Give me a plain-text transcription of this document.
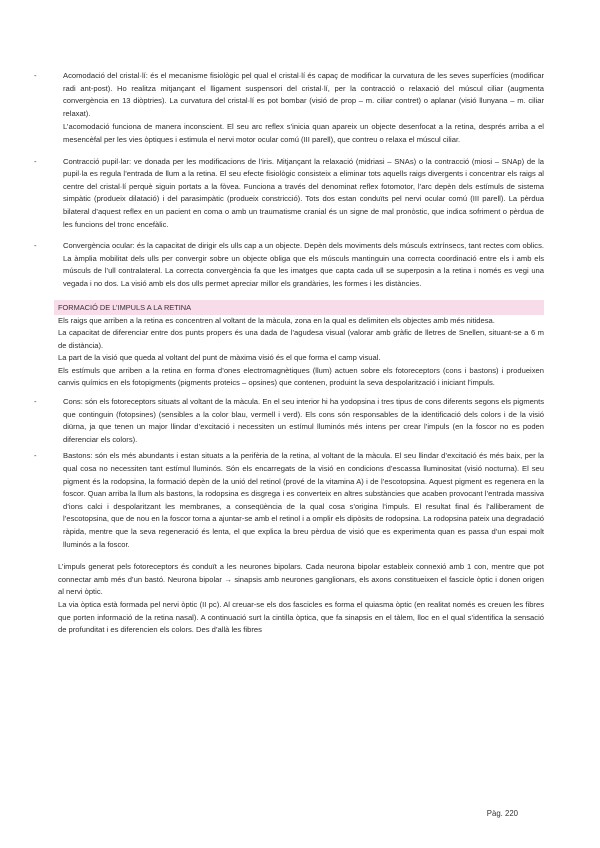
-	Acomodació del cristal·lí: és el mecanisme fisiològic pel qual el cristal·lí és capaç de modificar la curvatura de les seves superfícies (modificar radi ant-post). Ho realitza mitjançant el lligament suspensori del cristal·lí, per la contracció o relaxació del múscul ciliar (augmenta convergència en 13 diòptries). La curvatura del cristal·lí es pot bombar (visió de prop – m. ciliar contret) o aplanar (visió llunyana – m. ciliar relaxat).

L’acomodació funciona de manera inconscient. El seu arc reflex s’inicia quan apareix un objecte desenfocat a la retina, després arriba a el mesencèfal per les vies òptiques i estimula el nervi motor ocular comú (III parell), que contreu o relaxa el múscul ciliar.

-	Contracció pupil·lar: ve donada per les modificacions de l’iris. Mitjançant la relaxació (midriasi – SNAs) o la contracció (miosi – SNAp) de la pupil·la es regula l’entrada de llum a la retina. El seu efecte fisiològic consisteix a eliminar tots aquells raigs divergents i concentrar els raigs al centre del cristal·lí perquè siguin portats a la fòvea. Funciona a través del denominat reflex fotomotor, l’arc depèn dels estímuls de sistema simpàtic (produeix dilatació) i del parasimpàtic (produeix constricció). Tots dos estan conduïts pel nervi ocular comú (III parell). La pèrdua bilateral d’aquest reflex en un pacient en coma o amb un traumatisme cranial és un signe de mal pronòstic, que indica sofriment o pèrdua de les funcions del tronc encefàlic.

-	Convergència ocular: és la capacitat de dirigir els ulls cap a un objecte. Depèn dels moviments dels músculs extrínsecs, tant rectes com oblics. La àmplia mobilitat dels ulls per convergir sobre un objecte obliga que els músculs mantinguin una correcta coordinació entre els i amb els músculs de l’ull contralateral. La correcta convergència fa que les imatges que capta cada ull se superposin a la retina i només es vegi una vegada i no dos. La visió amb els dos ulls permet apreciar millor els grandàries, les formes i les distàncies.

FORMACIÓ DE L’IMPULS A LA RETINA

Els raigs que arriben a la retina es concentren al voltant de la màcula, zona en la qual es delimiten els objectes amb més nitidesa.

La capacitat de diferenciar entre dos punts propers és una dada de l’agudesa visual (valorar amb gràfic de lletres de Snellen, situant-se a 6 m de distància).

La part de la visió que queda al voltant del punt de màxima visió és el que forma el camp visual.

Els estímuls que arriben a la retina en forma d’ones electromagnètiques (llum) actuen sobre els fotoreceptors (cons i bastons) i produeixen canvis químics en els fotopigments (pigments proteics – opsines) que contenen, produint la seva despolarització i iniciant l’impuls.

-	Cons: són els fotoreceptors situats al voltant de la màcula. En el seu interior hi ha yodopsina i tres tipus de cons diferents segons els pigments que continguin (fotopsines) (sensibles a la color blau, vermell i verd). Els cons són responsables de la identificació dels colors i de la visió diürna, ja que tenen un major llindar d’excitació i necessiten un estímul lluminós més intens per crear l’impuls (en la foscor no es poden diferenciar els colors).

-	Bastons: són els més abundants i estan situats a la perifèria de la retina, al voltant de la màcula. El seu llindar d’excitació és més baix, per la qual cosa no necessiten tant estímul lluminós. Són els encarregats de la visió en condicions d’escassa lluminositat (visió nocturna). El seu pigment és la rodopsina, la formació depèn de la unió del retinol (prové de la vitamina A) i de l’escotopsina. Aquest pigment es regenera en la foscor. Quan arriba la llum als bastons, la rodopsina es disgrega i es converteix en altres substàncies que acaben provocant l’entrada massiva d’ions calci i despolaritzant les membranes, a conseqüència de la qual cosa s’origina l’impuls. El resultat final és l’alliberament de l’escotopsina, que de nou en la foscor torna a ajuntar-se amb el retinol i a omplir els dipòsits de rodopsina. La rodopsina pateix una degradació ràpida, mentre que la seva regeneració és lenta, el que explica la breu pèrdua de visió que es experimenta quan es passa d’un espai molt lluminós a la foscor.

L’impuls generat pels fotoreceptors és conduït a les neurones bipolars. Cada neurona bipolar estableix connexió amb 1 con, mentre que pot connectar amb més d’un bastó. Neurona bipolar → sinapsis amb neurones ganglionars, els axons constitueixen el fascicle òptic i donen origen al nervi òptic.

La via òptica està formada pel nervi òptic (II pc). Al creuar-se els dos fascicles es forma el quiasma òptic (en realitat només es creuen les fibres que porten informació de la retina nasal). A continuació surt la cintilla òptica, que fa sinapsis en el tàlem, lloc en el qual s’identifica la sensació de profunditat i es diferencien els colors. Des d’allà les fibres

Pàg. 220
